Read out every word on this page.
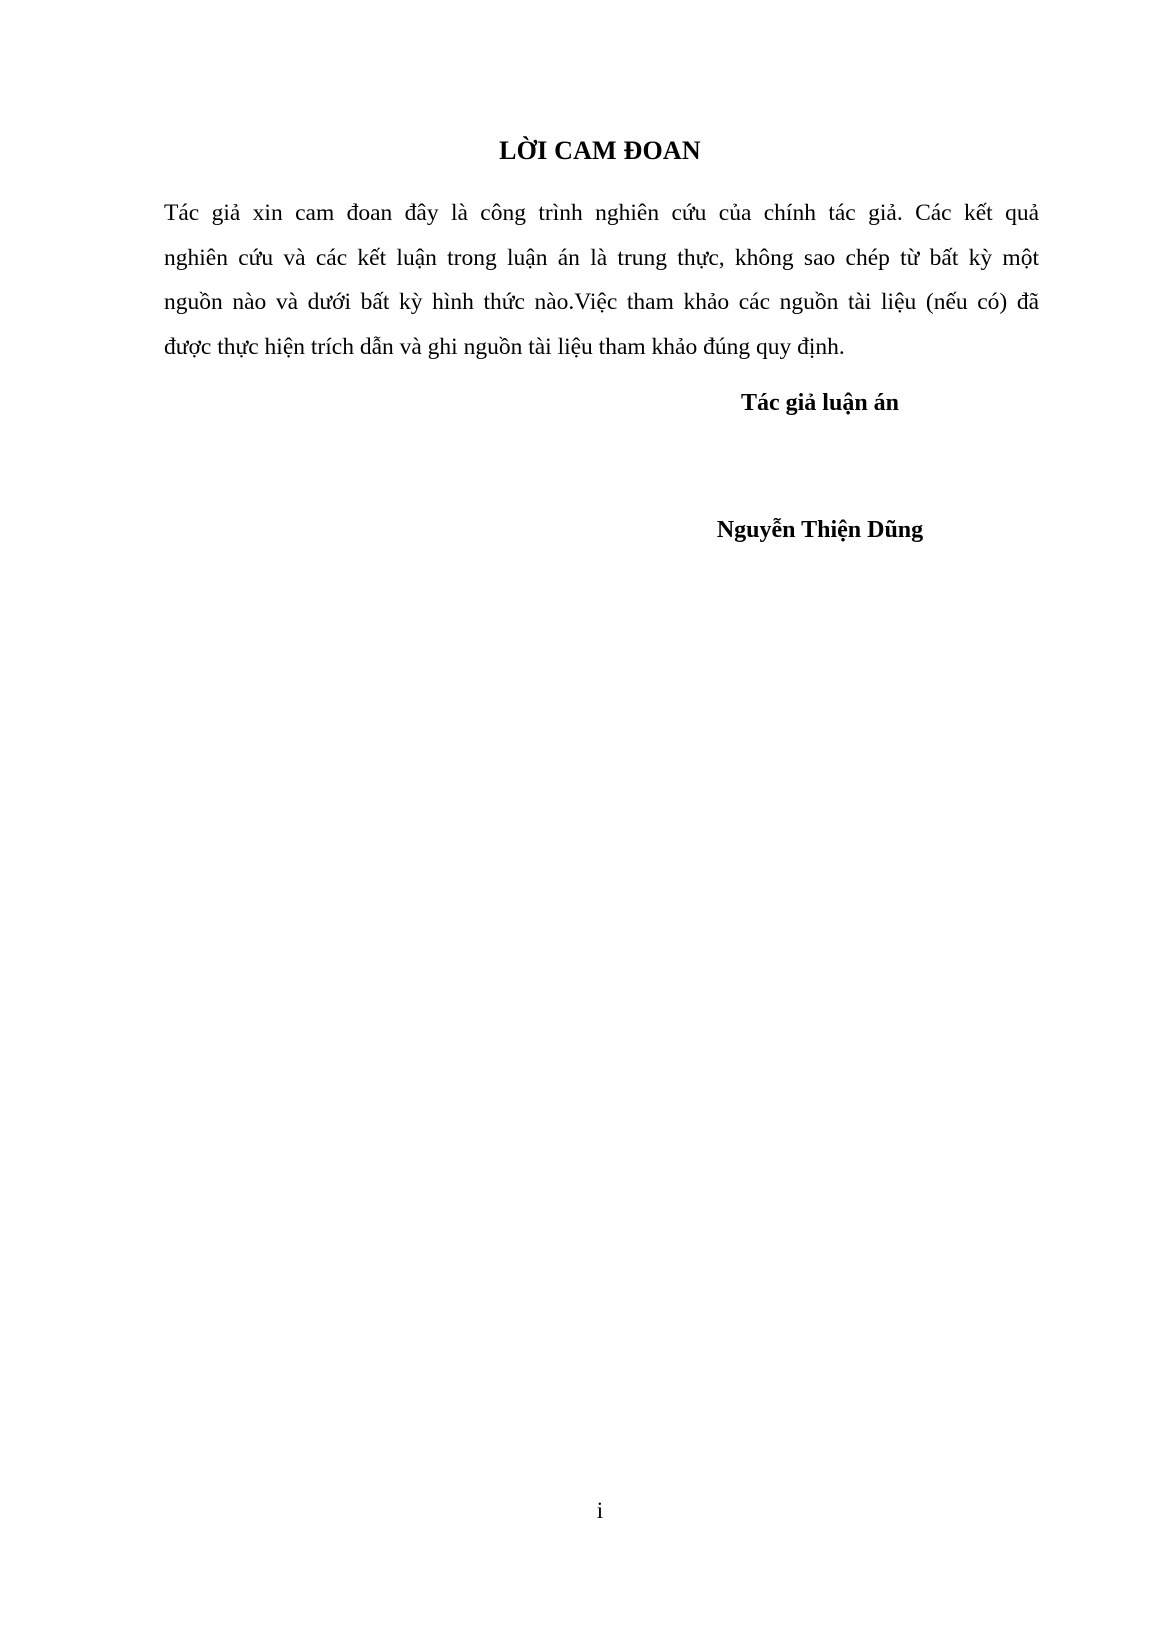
LỜI CAM ĐOAN

Tác giả xin cam đoan đây là công trình nghiên cứu của chính tác giả. Các kết quả
nghiên cứu và các kết luận trong luận án là trung thực, không sao chép từ bất kỳ một
nguồn nào và dưới bất kỳ hình thức nào.Việc tham khảo các nguồn tài liệu (nếu có) đã
được thực hiện trích dẫn và ghi nguồn tài liệu tham khảo đúng quy định.

Tác giả luận án
Nguyễn Thiện Dũng
i
